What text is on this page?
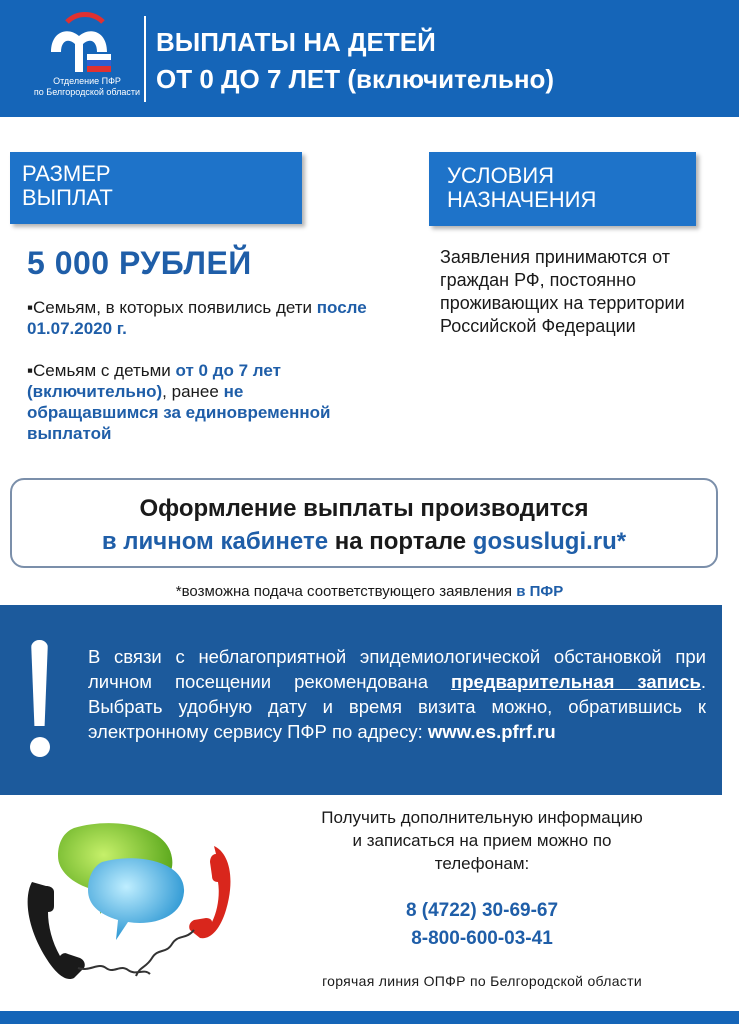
Отделение ПФР
по Белгородской области
ВЫПЛАТЫ НА ДЕТЕЙ
ОТ 0 ДО 7 ЛЕТ (включительно)
РАЗМЕР
ВЫПЛАТ
5 000 РУБЛЕЙ
▪Семьям, в которых появились дети после 01.07.2020 г.
▪Семьям с детьми от 0 до 7 лет (включительно), ранее не обращавшимся за единовременной выплатой
УСЛОВИЯ
НАЗНАЧЕНИЯ
Заявления принимаются от граждан РФ, постоянно проживающих на территории Российской Федерации
Оформление выплаты производится
в личном кабинете на портале gosuslugi.ru*
*возможна подача соответствующего заявления в ПФР
В связи с неблагоприятной эпидемиологической обстановкой при личном посещении рекомендована предварительная запись. Выбрать удобную дату и время визита можно, обратившись к электронному сервису ПФР по адресу: www.es.pfrf.ru
Получить дополнительную информацию
и записаться на прием можно по
телефонам:
8 (4722) 30-69-67
8-800-600-03-41
горячая линия ОПФР по Белгородской области
